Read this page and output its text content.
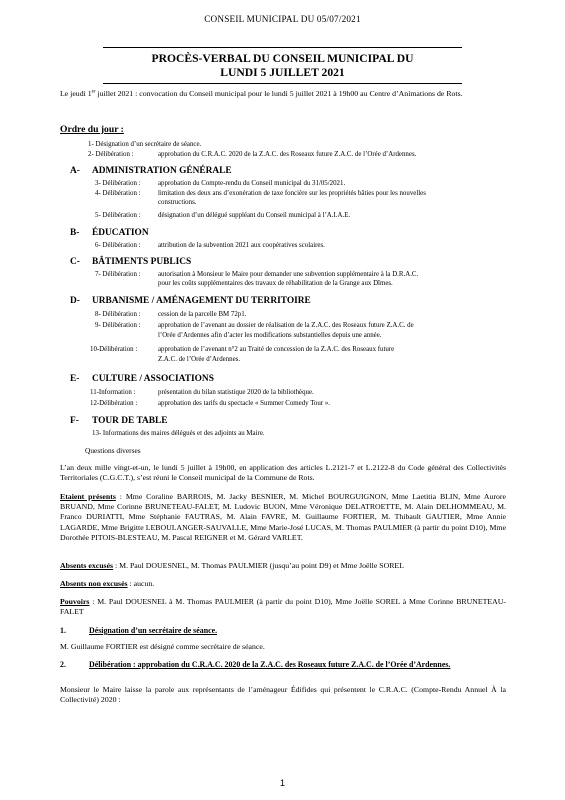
CONSEIL MUNICIPAL DU 05/07/2021
PROCÈS-VERBAL DU CONSEIL MUNICIPAL DU
LUNDI 5 JUILLET 2021
Le jeudi 1er juillet 2021 : convocation du Conseil municipal pour le lundi 5 juillet 2021 à 19h00 au Centre d’Animations de Rots.
Ordre du jour :
1- Désignation d’un secrétaire de séance.
2- Délibération :	approbation du C.R.A.C. 2020 de la Z.A.C. des Roseaux future Z.A.C. de l’Orée d’Ardennes.
A- ADMINISTRATION GÉNÉRALE
3- Délibération :	approbation du Compte-rendu du Conseil municipal du 31/05/2021.
4- Délibération :	limitation des deux ans d’exonération de taxe foncière sur les propriétés bâties pour les nouvelles
constructions.
5- Délibération :	désignation d’un délégué suppléant du Conseil municipal à l’A.I.A.E.
B- ÉDUCATION
6- Délibération :	attribution de la subvention 2021 aux coopératives scolaires.
C- BÂTIMENTS PUBLICS
7- Délibération :	autorisation à Monsieur le Maire pour demander une subvention supplémentaire à la D.R.A.C.
pour les coûts supplémentaires des travaux de réhabilitation de la Grange aux Dîmes.
D- URBANISME / AMÉNAGEMENT DU TERRITOIRE
8- Délibération :	cession de la parcelle BM 72p1.
9- Délibération :	approbation de l’avenant au dossier de réalisation de la Z.A.C. des Roseaux future Z.A.C. de
l’Orée d’Ardennes afin d’acter les modifications substantielles depuis une année.
10-Délibération :	approbation de l’avenant n°2 au Traité de concession de la Z.A.C. des Roseaux future
Z.A.C. de l’Orée d’Ardennes.
E- CULTURE / ASSOCIATIONS
11-Information :	présentation du bilan statistique 2020 de la bibliothèque.
12-Délibération :	approbation des tarifs du spectacle « Summer Comedy Tour ».
F- TOUR DE TABLE
13- Informations des maires délégués et des adjoints au Maire.
Questions diverses
L’an deux mille vingt-et-un, le lundi 5 juillet à 19h00, en application des articles L.2121-7 et L.2122-8 du Code général des Collectivités Territoriales (C.G.C.T.), s’est réuni le Conseil municipal de la Commune de Rots.
Etaient présents : Mme Coraline BARROIS, M. Jacky BESNIER, M. Michel BOURGUIGNON, Mme Laetitia BLIN, Mme Aurore BRUAND, Mme Corinne BRUNETEAU-FALET, M. Ludovic BUON, Mme Véronique DELATROETTE, M. Alain DELHOMMEAU, M. Franco DURIATTI, Mme Stéphanie FAUTRAS, M. Alain FAVRE, M. Guillaume FORTIER, M. Thibault GAUTIER, Mme Annie LAGARDE, Mme Brigitte LEBOULANGER-SAUVALLE, Mme Marie-José LUCAS, M. Thomas PAULMIER (à partir du point D10), Mme Dorothée PITOIS-BLESTEAU, M. Pascal REIGNER et M. Gérard VARLET.
Absents excusés : M. Paul DOUESNEL, M. Thomas PAULMIER (jusqu’au point D9) et Mme Joëlle SOREL
Absents non excusés : aucun.
Pouvoirs : M. Paul DOUESNEL à M. Thomas PAULMIER (à partir du point D10), Mme Joëlle SOREL à Mme Corinne BRUNETEAU-FALET
1.	Désignation d’un secrétaire de séance.
M. Guillaume FORTIER est désigné comme secrétaire de séance.
2.	Délibération : approbation du C.R.A.C. 2020 de la Z.A.C. des Roseaux future Z.A.C. de l’Orée d’Ardennes.
Monsieur le Maire laisse la parole aux représentants de l’aménageur Édifides qui présentent le C.R.A.C. (Compte-Rendu Annuel À la Collectivité) 2020 :
1
